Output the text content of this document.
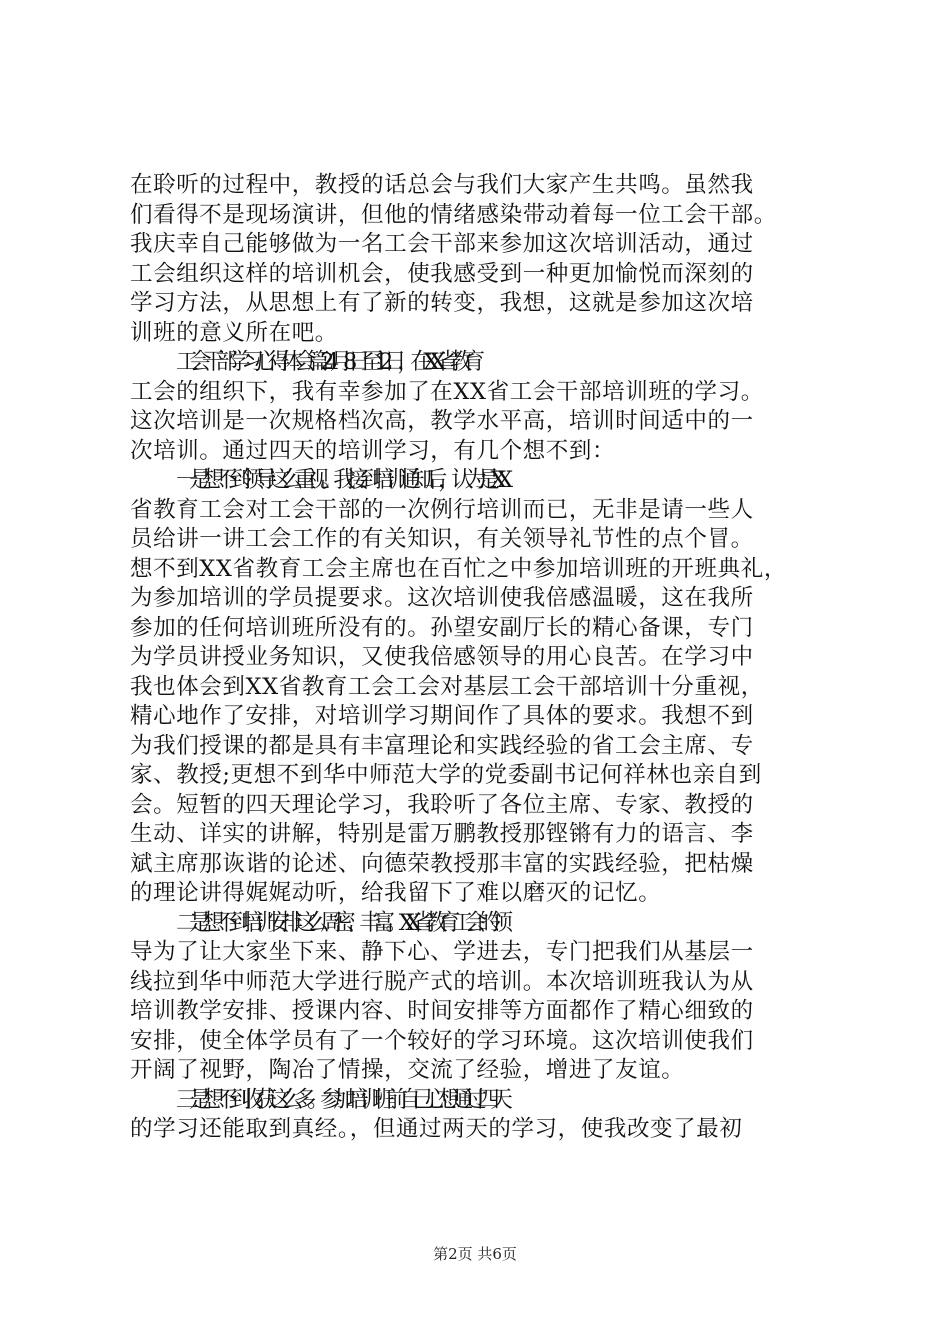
在聆听的过程中，教授的话总会与我们大家产生共鸣。虽然我
们看得不是现场演讲，但他的情绪感染带动着每一位工会干部。
我庆幸自己能够做为一名工会干部来参加这次培训活动，通过
工会组织这样的培训机会，使我感受到一种更加愉悦而深刻的
学习方法，从思想上有了新的转变，我想，这就是参加这次培
训班的意义所在吧。
工会干部学习心得体会篇24月8日至12日，在XX省教育
工会的组织下，我有幸参加了在XX省工会干部培训班的学习。
这次培训是一次规格档次高，教学水平高，培训时间适中的一
次培训。通过四天的培训学习，有几个想不到：
一是想不到领导这么重视。我接到培训通知后，认为是XX
省教育工会对工会干部的一次例行培训而已，无非是请一些人
员给讲一讲工会工作的有关知识，有关领导礼节性的点个冒。
想不到XX省教育工会主席也在百忙之中参加培训班的开班典礼，
为参加培训的学员提要求。这次培训使我倍感温暖，这在我所
参加的任何培训班所没有的。孙望安副厅长的精心备课，专门
为学员讲授业务知识，又使我倍感领导的用心良苦。在学习中
我也体会到XX省教育工会工会对基层工会干部培训十分重视，
精心地作了安排，对培训学习期间作了具体的要求。我想不到
为我们授课的都是具有丰富理论和实践经验的省工会主席、专
家、教授;更想不到华中师范大学的党委副书记何祥林也亲自到
会。短暂的四天理论学习，我聆听了各位主席、专家、教授的
生动、详实的讲解，特别是雷万鹏教授那铿锵有力的语言、李
斌主席那诙谐的论述、向德荣教授那丰富的实践经验，把枯燥
的理论讲得娓娓动听，给我留下了难以磨灭的记忆。
二是想不到培训安排这么周密、丰富。XX省教育工会的领
导为了让大家坐下来、静下心、学进去，专门把我们从基层一
线拉到华中师范大学进行脱产式的培训。本次培训班我认为从
培训教学安排、授课内容、时间安排等方面都作了精心细致的
安排，使全体学员有了一个较好的学习环境。这次培训使我们
开阔了视野，陶冶了情操，交流了经验，增进了友谊。
三是想不到收获这么多。参加培训班前自己心想通过四天
的学习还能取到真经。，但通过两天的学习，使我改变了最初
第2页 共6页
